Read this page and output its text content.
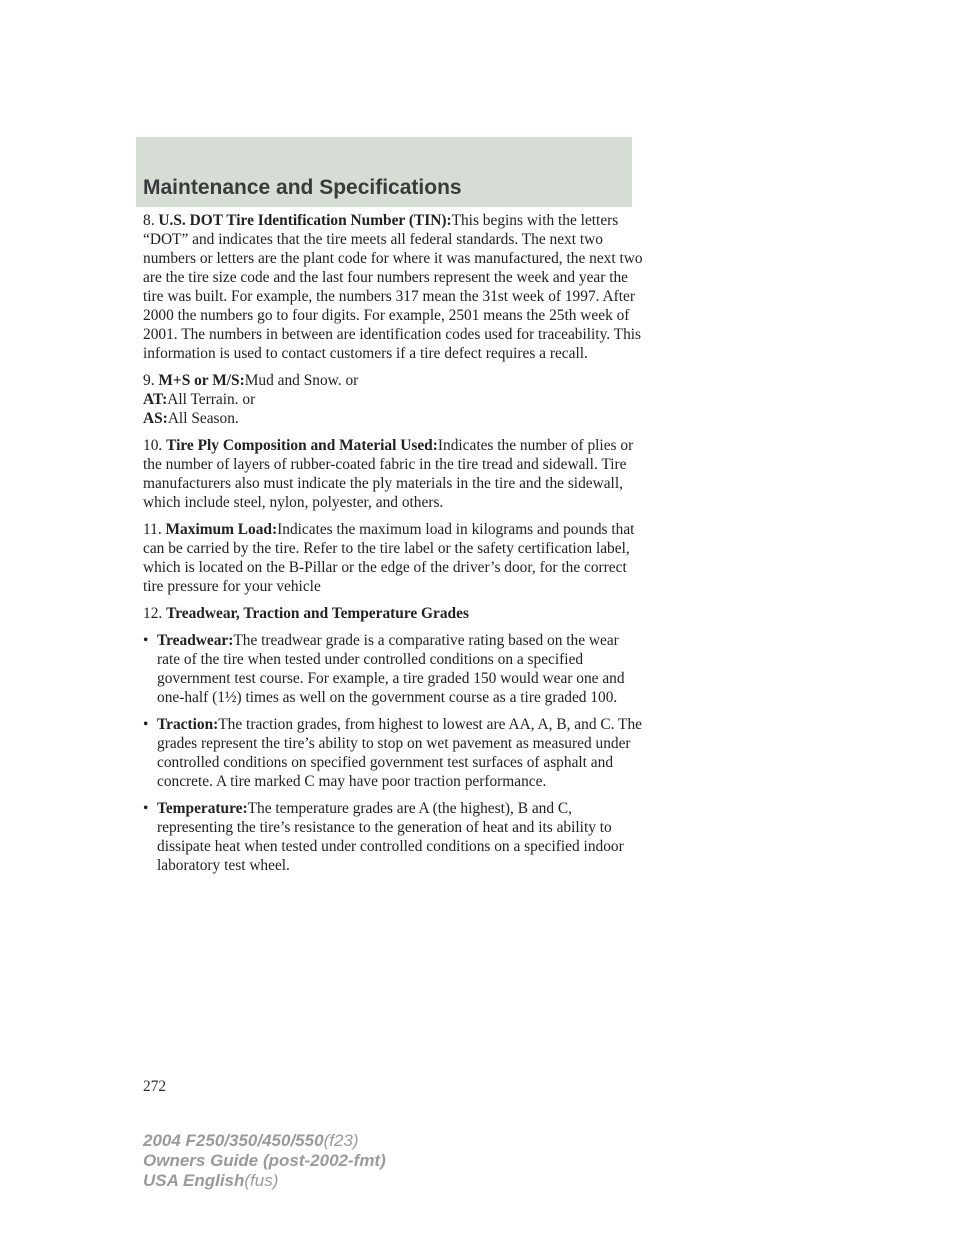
Maintenance and Specifications

8. U.S. DOT Tire Identification Number (TIN):This begins with the letters “DOT” and indicates that the tire meets all federal standards. The next two numbers or letters are the plant code for where it was manufactured, the next two are the tire size code and the last four numbers represent the week and year the tire was built. For example, the numbers 317 mean the 31st week of 1997. After 2000 the numbers go to four digits. For example, 2501 means the 25th week of 2001. The numbers in between are identification codes used for traceability. This information is used to contact customers if a tire defect requires a recall.

9. M+S or M/S:Mud and Snow. or
AT:All Terrain. or
AS:All Season.

10. Tire Ply Composition and Material Used:Indicates the number of plies or the number of layers of rubber-coated fabric in the tire tread and sidewall. Tire manufacturers also must indicate the ply materials in the tire and the sidewall, which include steel, nylon, polyester, and others.

11. Maximum Load:Indicates the maximum load in kilograms and pounds that can be carried by the tire. Refer to the tire label or the safety certification label, which is located on the B-Pillar or the edge of the driver’s door, for the correct tire pressure for your vehicle

12. Treadwear, Traction and Temperature Grades

• Treadwear:The treadwear grade is a comparative rating based on the wear rate of the tire when tested under controlled conditions on a specified government test course. For example, a tire graded 150 would wear one and one-half (1½) times as well on the government course as a tire graded 100.
• Traction:The traction grades, from highest to lowest are AA, A, B, and C. The grades represent the tire’s ability to stop on wet pavement as measured under controlled conditions on specified government test surfaces of asphalt and concrete. A tire marked C may have poor traction performance.
• Temperature:The temperature grades are A (the highest), B and C, representing the tire’s resistance to the generation of heat and its ability to dissipate heat when tested under controlled conditions on a specified indoor laboratory test wheel.
272
2004 F250/350/450/550(f23)
Owners Guide (post-2002-fmt)
USA English(fus)
